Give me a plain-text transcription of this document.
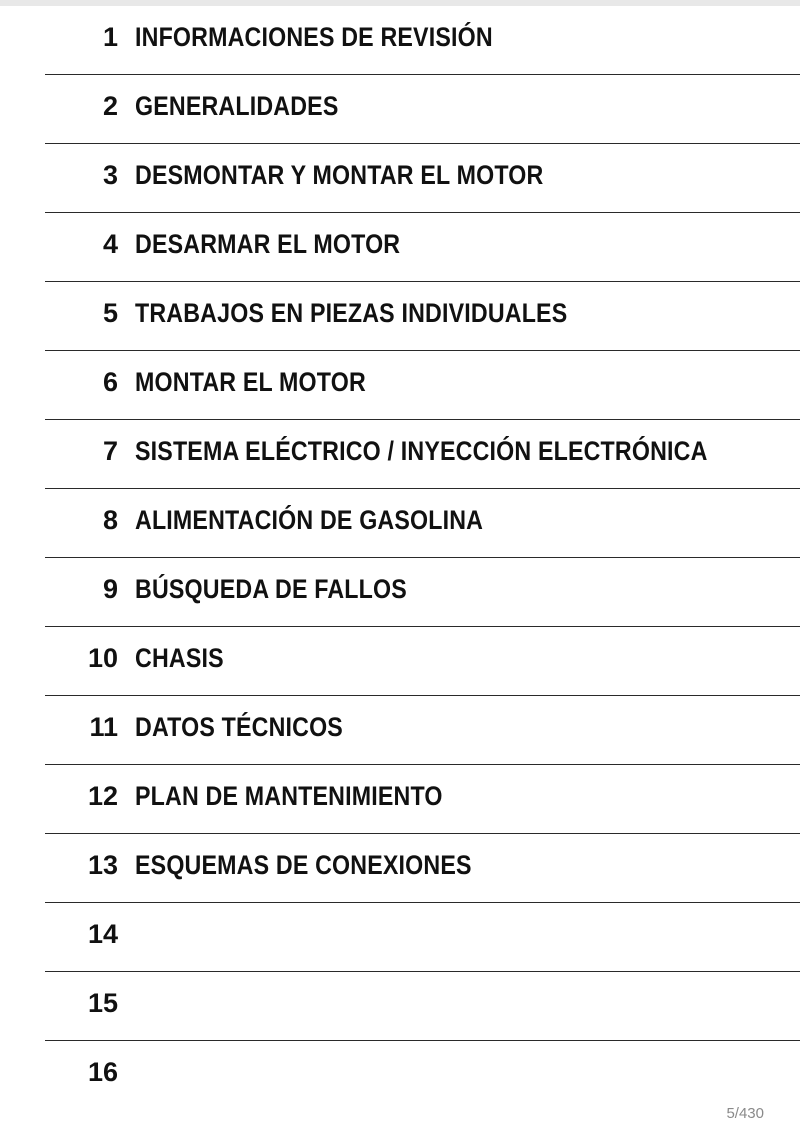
1 INFORMACIONES DE REVISIÓN
2 GENERALIDADES
3 DESMONTAR Y MONTAR EL MOTOR
4 DESARMAR EL MOTOR
5 TRABAJOS EN PIEZAS INDIVIDUALES
6 MONTAR EL MOTOR
7 SISTEMA ELÉCTRICO / INYECCIÓN ELECTRÓNICA
8 ALIMENTACIÓN DE GASOLINA
9 BÚSQUEDA DE FALLOS
10 CHASIS
11 DATOS TÉCNICOS
12 PLAN DE MANTENIMIENTO
13 ESQUEMAS DE CONEXIONES
14
15
16
5/430
